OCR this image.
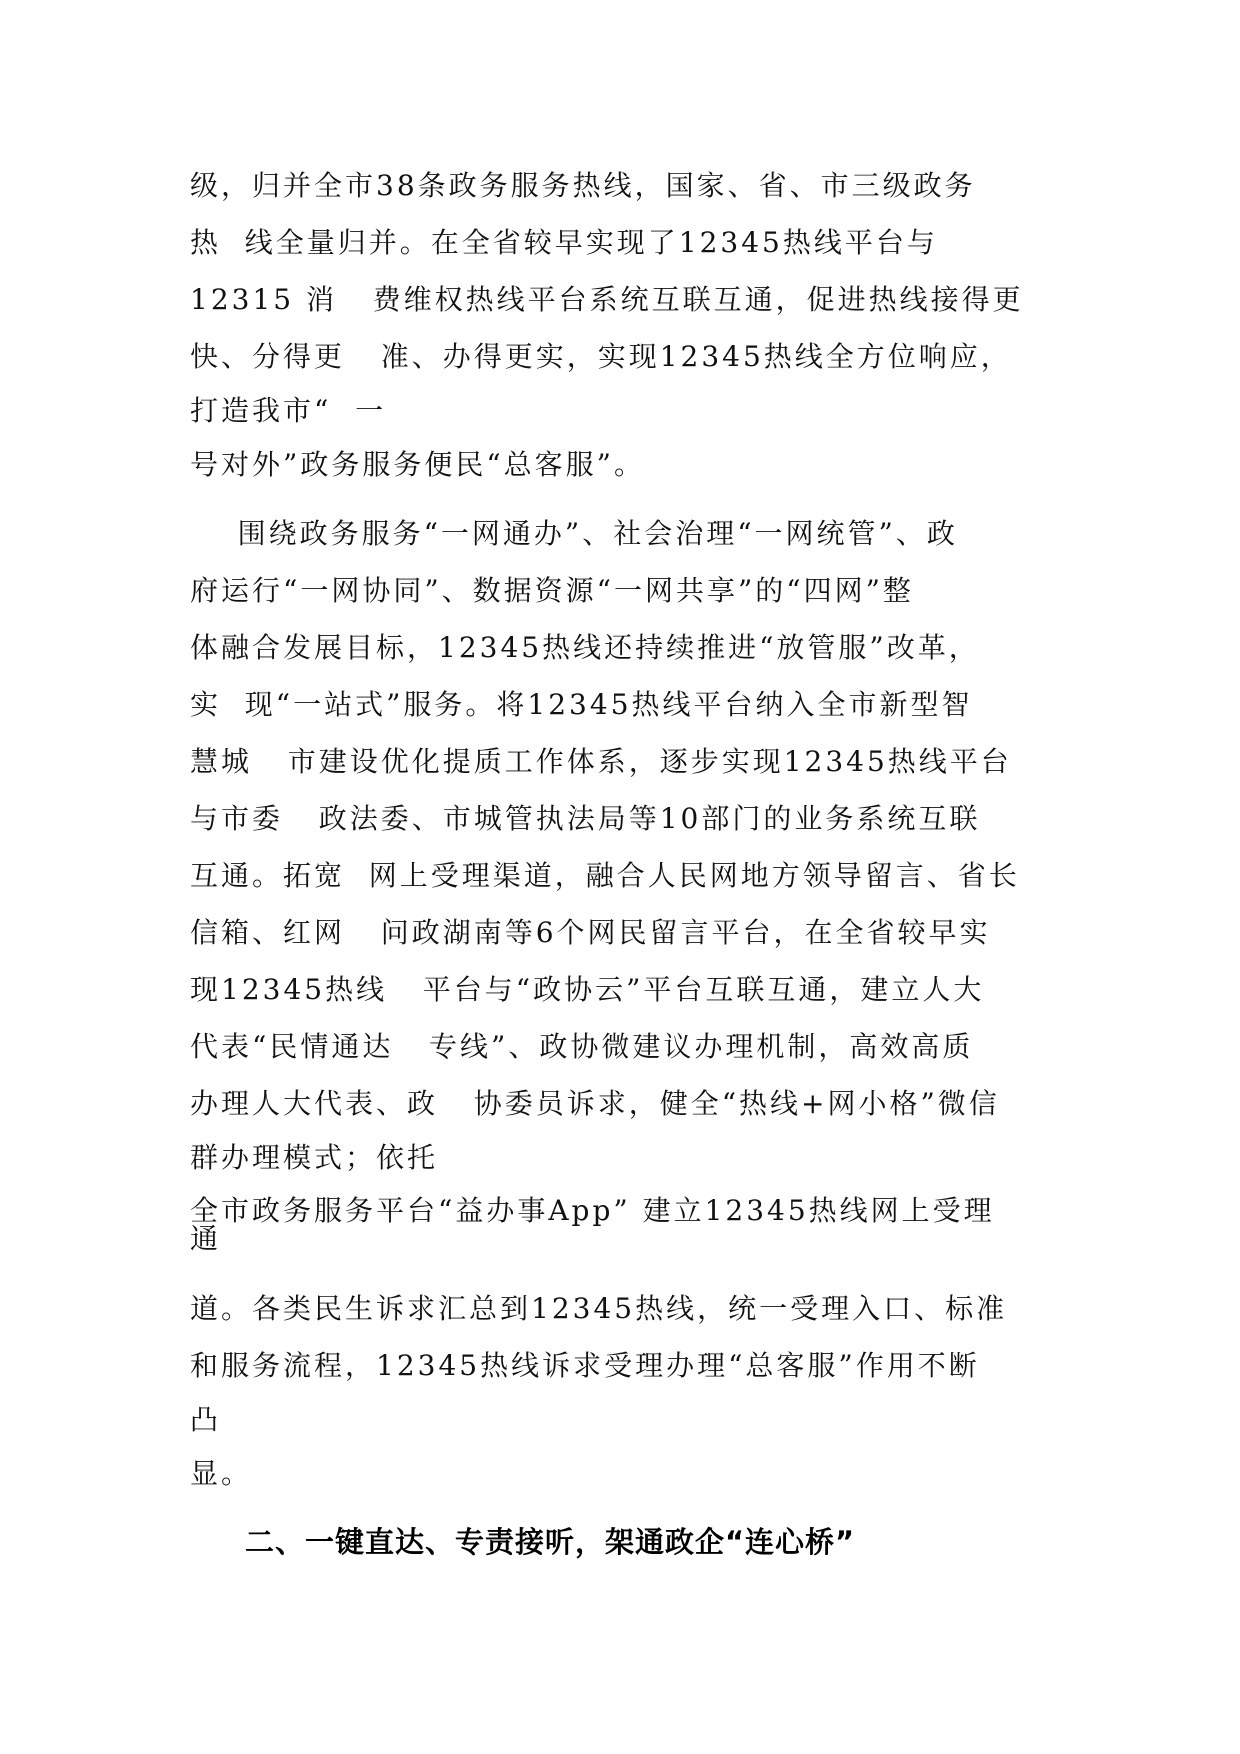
级，归并全市38条政务服务热线，国家、省、市三级政务
热  线全量归并。在全省较早实现了12345热线平台与
12315 消   费维权热线平台系统互联互通，促进热线接得更
快、分得更   准、办得更实，实现12345热线全方位响应，
打造我市“  一
号对外”政务服务便民“总客服”。
围绕政务服务“一网通办”、社会治理“一网统管”、政
府运行“一网协同”、数据资源“一网共享”的“四网”整
体融合发展目标，12345热线还持续推进“放管服”改革，
实  现“一站式”服务。将12345热线平台纳入全市新型智
慧城   市建设优化提质工作体系，逐步实现12345热线平台
与市委   政法委、市城管执法局等10部门的业务系统互联
互通。拓宽  网上受理渠道，融合人民网地方领导留言、省长
信箱、红网   问政湖南等6个网民留言平台，在全省较早实
现12345热线   平台与“政协云”平台互联互通，建立人大
代表“民情通达   专线”、政协微建议办理机制，高效高质
办理人大代表、政   协委员诉求，健全“热线+网小格”微信
群办理模式；依托
全市政务服务平台“益办事App” 建立12345热线网上受理
通
道。各类民生诉求汇总到12345热线，统一受理入口、标准
和服务流程，12345热线诉求受理办理“总客服”作用不断
凸
显。
二、一键直达、专责接听，架通政企“连心桥”
